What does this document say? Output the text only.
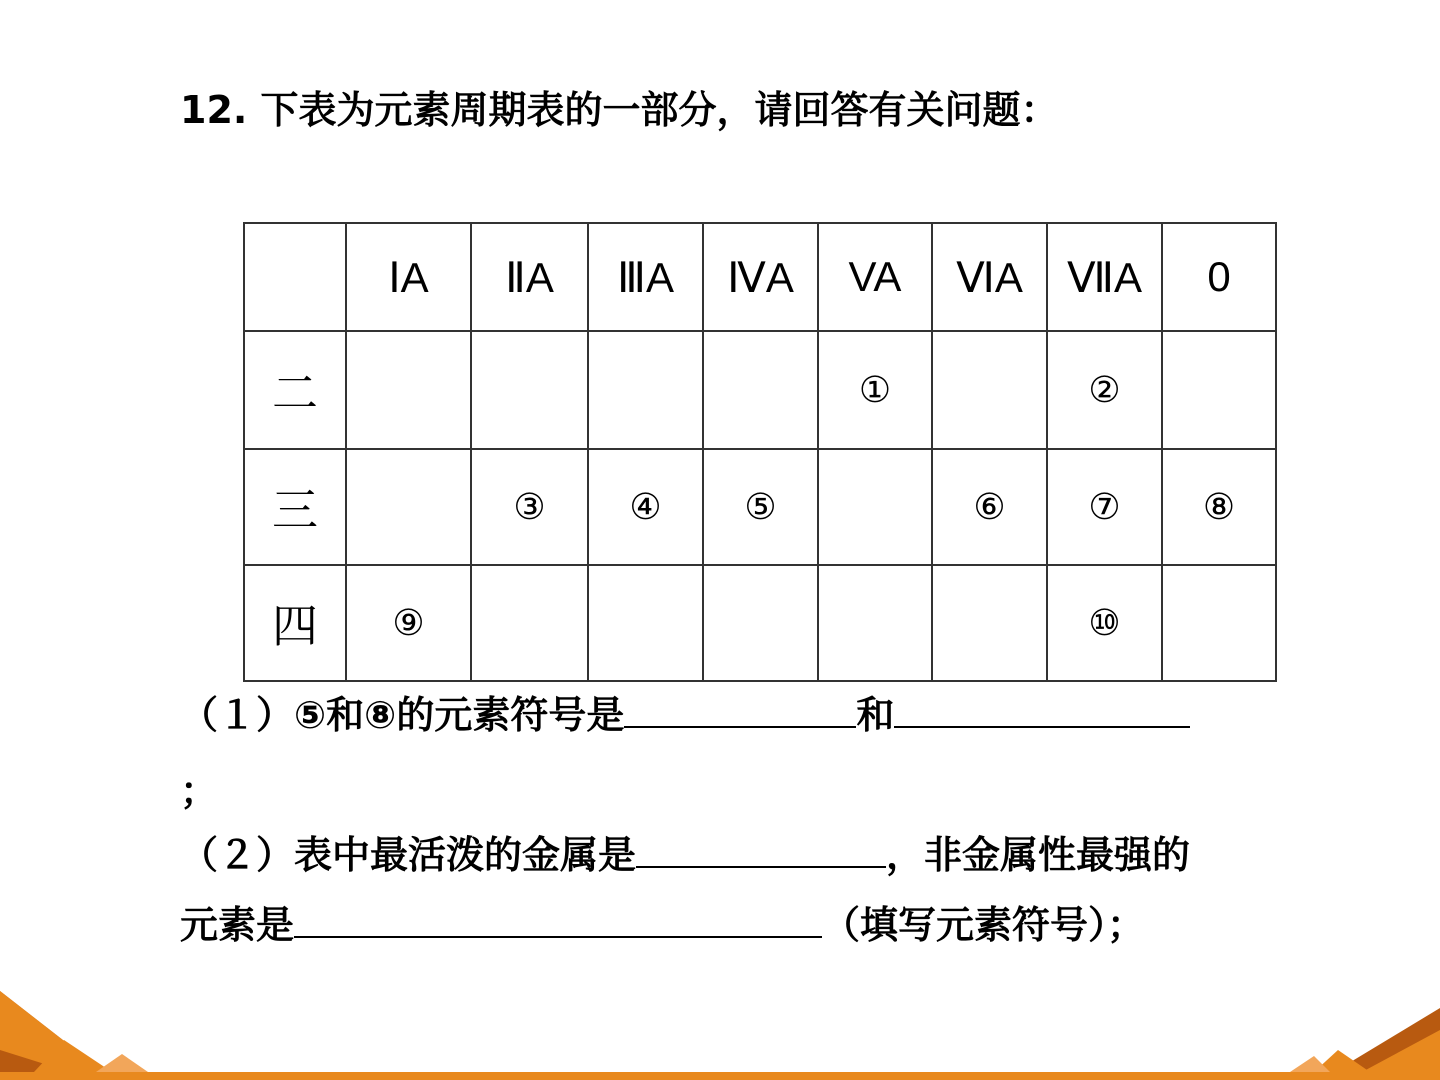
12. 下表为元素周期表的一部分，请回答有关问题：
	ⅠA	ⅡA	ⅢA	ⅣA	VA	ⅥA	ⅦA	0
二					①		②	
三		③	④	⑤		⑥	⑦	⑧
四	⑨						⑩	
（１）⑤和⑧的元素符号是	和
；
（２）表中最活泼的金属是	，非金属性最强的
元素是	（填写元素符号）；
